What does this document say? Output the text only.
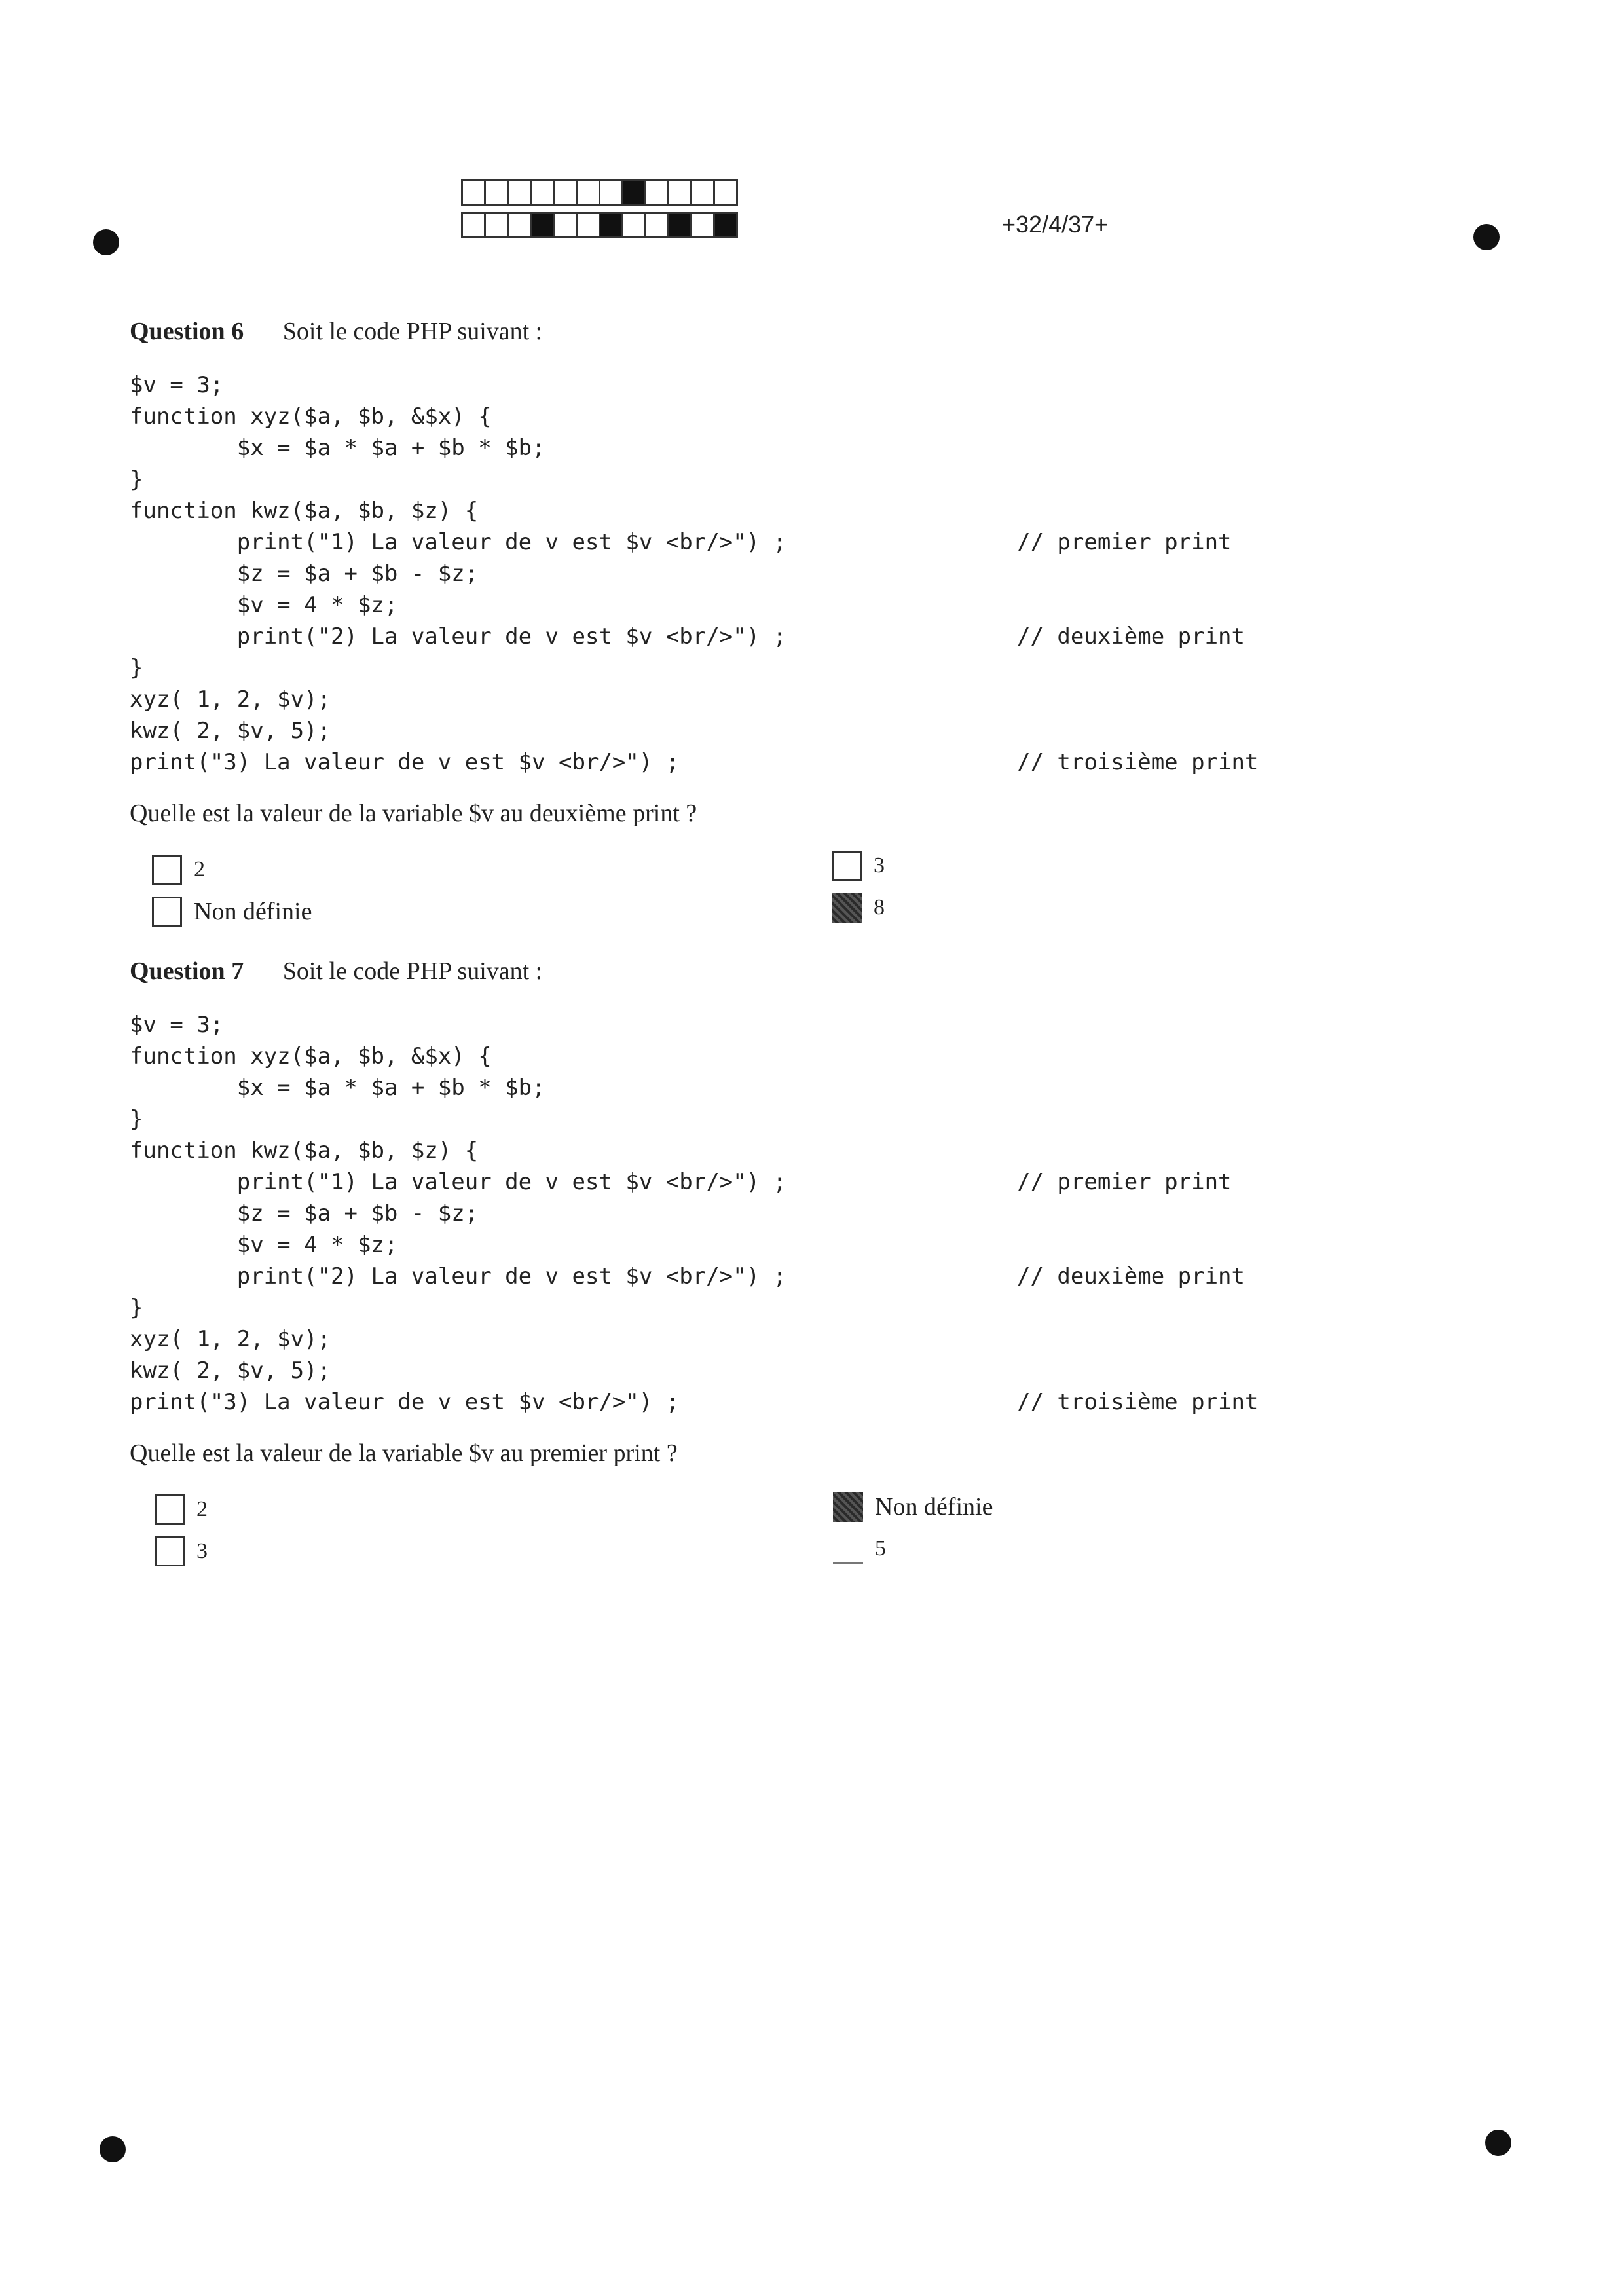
+32/4/37+
Question 6 Soit le code PHP suivant :
$v = 3;
function xyz($a, $b, &$x) {
$x = $a * $a + $b * $b;
}
function kwz($a, $b, $z) {
print("1) La valeur de v est $v <br/>") ;	// premier print
$z = $a + $b - $z;
$v = 4 * $z;
print("2) La valeur de v est $v <br/>") ;	// deuxième print
}
xyz( 1, 2, $v);
kwz( 2, $v, 5);
print("3) La valeur de v est $v <br/>") ;	// troisième print
Quelle est la valeur de la variable $v au deuxième print ?
2	3
Non définie	8
Question 7 Soit le code PHP suivant :
$v = 3;
function xyz($a, $b, &$x) {
$x = $a * $a + $b * $b;
}
function kwz($a, $b, $z) {
print("1) La valeur de v est $v <br/>") ;	// premier print
$z = $a + $b - $z;
$v = 4 * $z;
print("2) La valeur de v est $v <br/>") ;	// deuxième print
}
xyz( 1, 2, $v);
kwz( 2, $v, 5);
print("3) La valeur de v est $v <br/>") ;	// troisième print
Quelle est la valeur de la variable $v au premier print ?
2	Non définie
3	5
